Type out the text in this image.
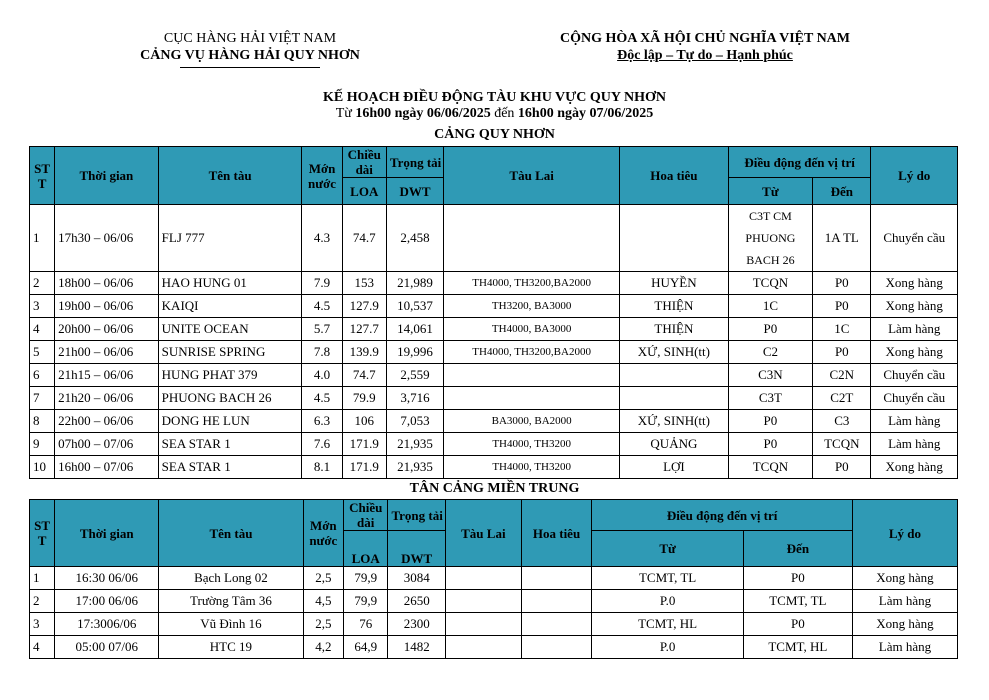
CỤC HÀNG HẢI VIỆT NAM
CẢNG VỤ HÀNG HẢI QUY NHƠN
CỘNG HÒA XÃ HỘI CHỦ NGHĨA VIỆT NAM
Độc lập – Tự do – Hạnh phúc
KẾ HOẠCH ĐIỀU ĐỘNG TÀU KHU VỰC QUY NHƠN
Từ 16h00 ngày 06/06/2025 đến 16h00 ngày 07/06/2025
CẢNG QUY NHƠN
STT	Thời gian	Tên tàu	Mớn nước	Chiều dài	Trọng tải	Tàu Lai	Hoa tiêu	Điều động đến vị trí		Lý do
				LOA	DWT			Từ	Đến	
1	17h30 – 06/06	FLJ 777	4.3	74.7	2,458			C3T CM PHUONG BACH 26	1A TL	Chuyển cầu
2	18h00 – 06/06	HAO HUNG 01	7.9	153	21,989	TH4000, TH3200,BA2000	HUYỀN	TCQN	P0	Xong hàng
3	19h00 – 06/06	KAIQI	4.5	127.9	10,537	TH3200, BA3000	THIỆN	1C	P0	Xong hàng
4	20h00 – 06/06	UNITE OCEAN	5.7	127.7	14,061	TH4000, BA3000	THIỆN	P0	1C	Làm hàng
5	21h00 – 06/06	SUNRISE SPRING	7.8	139.9	19,996	TH4000, TH3200,BA2000	XỨ, SINH(tt)	C2	P0	Xong hàng
6	21h15 – 06/06	HUNG PHAT 379	4.0	74.7	2,559			C3N	C2N	Chuyển cầu
7	21h20 – 06/06	PHUONG BACH 26	4.5	79.9	3,716			C3T	C2T	Chuyển cầu
8	22h00 – 06/06	DONG HE LUN	6.3	106	7,053	BA3000, BA2000	XỨ, SINH(tt)	P0	C3	Làm hàng
9	07h00 – 07/06	SEA STAR 1	7.6	171.9	21,935	TH4000, TH3200	QUẢNG	P0	TCQN	Làm hàng
10	16h00 – 07/06	SEA STAR 1	8.1	171.9	21,935	TH4000, TH3200	LỢI	TCQN	P0	Xong hàng
TÂN CẢNG MIỀN TRUNG
STT	Thời gian	Tên tàu	Mớn nước	Chiều dài	Trọng tải	Tàu Lai	Hoa tiêu	Điều động đến vị trí		Lý do
				LOA	DWT			Từ	Đến	
1	16:30 06/06	Bạch Long 02	2,5	79,9	3084			TCMT, TL	P0	Xong hàng
2	17:00 06/06	Trường Tâm 36	4,5	79,9	2650			P.0	TCMT, TL	Làm hàng
3	17:3006/06	Vũ Đình 16	2,5	76	2300			TCMT, HL	P0	Xong hàng
4	05:00 07/06	HTC 19	4,2	64,9	1482			P.0	TCMT, HL	Làm hàng
